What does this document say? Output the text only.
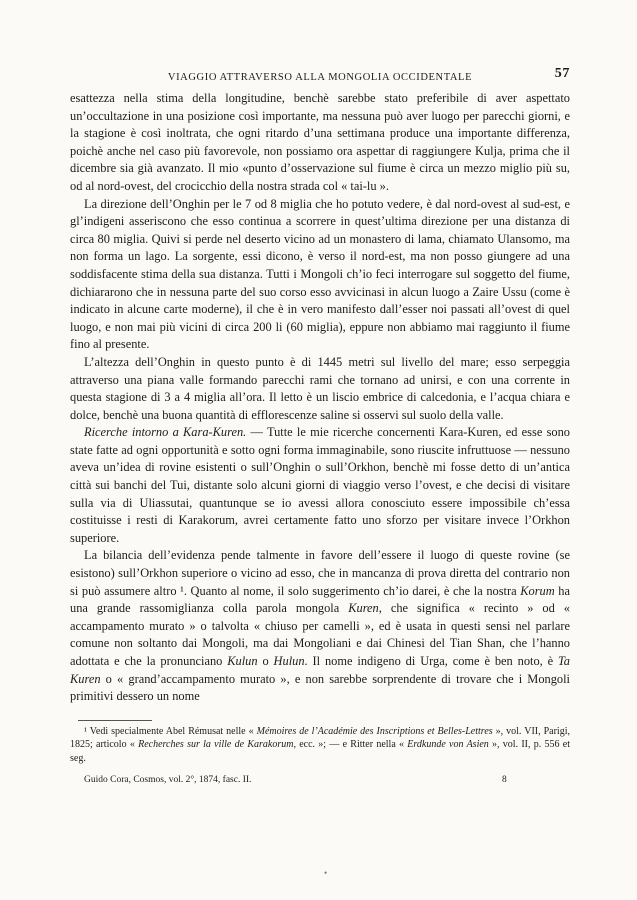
VIAGGIO ATTRAVERSO ALLA MONGOLIA OCCIDENTALE	57

esattezza nella stima della longitudine, benchè sarebbe stato preferibile di aver aspettato un’occultazione in una posizione così importante, ma nessuna può aver luogo per parecchi giorni, e la stagione è così inoltrata, che ogni ritardo d’una settimana produce una importante differenza, poichè anche nel caso più favorevole, non possiamo ora aspettar di raggiungere Kulja, prima che il dicembre sia già avanzato. Il mio «punto d’osservazione sul fiume è circa un mezzo miglio più su, od al nord-ovest, del crocicchio della nostra strada col « tai-lu ».

La direzione dell’Onghin per le 7 od 8 miglia che ho potuto vedere, è dal nord-ovest al sud-est, e gl’indigeni asseriscono che esso continua a scorrere in quest’ultima direzione per una distanza di circa 80 miglia. Quivi si perde nel deserto vicino ad un monastero di lama, chiamato Ulansomo, ma non forma un lago. La sorgente, essi dicono, è verso il nord-est, ma non posso giungere ad una soddisfacente stima della sua distanza. Tutti i Mongoli ch’io feci interrogare sul soggetto del fiume, dichiararono che in nessuna parte del suo corso esso avvicinasi in alcun luogo a Zaire Ussu (come è indicato in alcune carte moderne), il che è in vero manifesto dall’esser noi passati all’ovest di quel luogo, e non mai più vicini di circa 200 li (60 miglia), eppure non abbiamo mai raggiunto il fiume fino al presente.

L’altezza dell’Onghin in questo punto è di 1445 metri sul livello del mare; esso serpeggia attraverso una piana valle formando parecchi rami che tornano ad unirsi, e con una corrente in questa stagione di 3 a 4 miglia all’ora. Il letto è un liscio embrice di calcedonia, e l’acqua chiara e dolce, benchè una buona quantità di efflorescenze saline si osservi sul suolo della valle.

Ricerche intorno a Kara-Kuren. — Tutte le mie ricerche concernenti Kara-Kuren, ed esse sono state fatte ad ogni opportunità e sotto ogni forma immaginabile, sono riuscite infruttuose — nessuno aveva un’idea di rovine esistenti o sull’Onghin o sull’Orkhon, benchè mi fosse detto di un’antica città sui banchi del Tui, distante solo alcuni giorni di viaggio verso l’ovest, e che decisi di visitare sulla via di Uliassutai, quantunque se io avessi allora conosciuto essere impossibile ch’essa costituisse i resti di Karakorum, avrei certamente fatto uno sforzo per visitare invece l’Orkhon superiore.

La bilancia dell’evidenza pende talmente in favore dell’essere il luogo di queste rovine (se esistono) sull’Orkhon superiore o vicino ad esso, che in mancanza di prova diretta del contrario non si può assumere altro ¹. Quanto al nome, il solo suggerimento ch’io darei, è che la nostra Korum ha una grande rassomiglianza colla parola mongola Kuren, che significa « recinto » od « accampamento murato » o talvolta « chiuso per camelli », ed è usata in questi sensi nel parlare comune non soltanto dai Mongoli, ma dai Mongoliani e dai Chinesi del Tian Shan, che l’hanno adottata e che la pronunciano Kulun o Hulun. Il nome indigeno di Urga, come è ben noto, è Ta Kuren o « grand’accampamento murato », e non sarebbe sorprendente di trovare che i Mongoli primitivi dessero un nome

¹ Vedi specialmente Abel Rémusat nelle « Mémoires de l’Académie des Inscriptions et Belles-Lettres », vol. VII, Parigi, 1825; articolo « Recherches sur la ville de Karakorum, ecc. »; — e Ritter nella « Erdkunde von Asien », vol. II, p. 556 et seg.

Guido Cora, Cosmos, vol. 2°, 1874, fasc. II.	8
•
